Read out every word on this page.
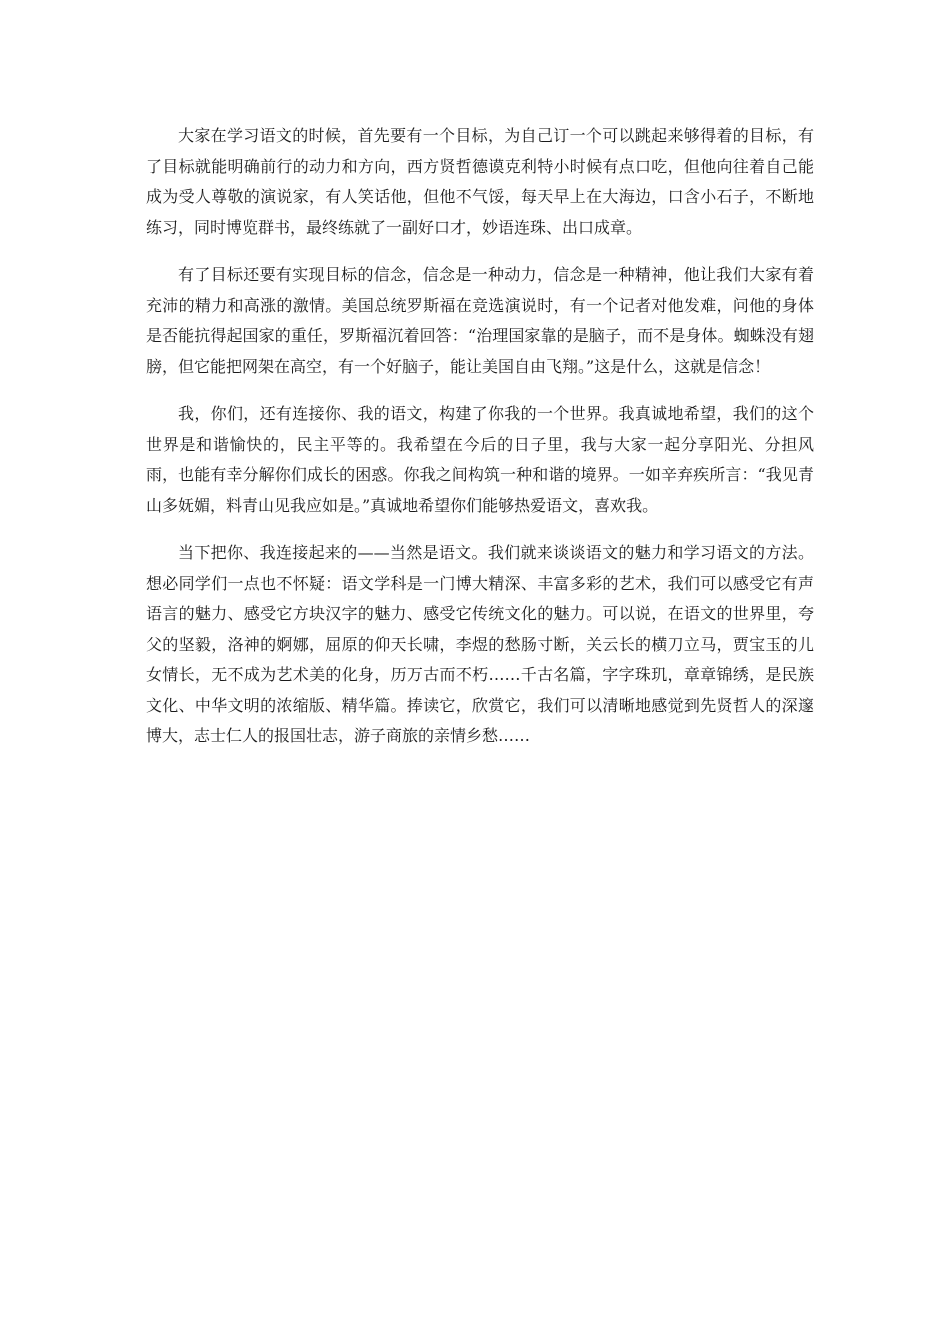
大家在学习语文的时候，首先要有一个目标，为自己订一个可以跳起来够得着的目标，有了目标就能明确前行的动力和方向，西方贤哲德谟克利特小时候有点口吃，但他向往着自己能成为受人尊敬的演说家，有人笑话他，但他不气馁，每天早上在大海边，口含小石子，不断地练习，同时博览群书，最终练就了一副好口才，妙语连珠、出口成章。

有了目标还要有实现目标的信念，信念是一种动力，信念是一种精神，他让我们大家有着充沛的精力和高涨的激情。美国总统罗斯福在竞选演说时，有一个记者对他发难，问他的身体是否能抗得起国家的重任，罗斯福沉着回答：“治理国家靠的是脑子，而不是身体。蜘蛛没有翅膀，但它能把网架在高空，有一个好脑子，能让美国自由飞翔。”这是什么，这就是信念！

我，你们，还有连接你、我的语文，构建了你我的一个世界。我真诚地希望，我们的这个世界是和谐愉快的，民主平等的。我希望在今后的日子里，我与大家一起分享阳光、分担风雨，也能有幸分解你们成长的困惑。你我之间构筑一种和谐的境界。一如辛弃疾所言：“我见青山多妩媚，料青山见我应如是。”真诚地希望你们能够热爱语文，喜欢我。

当下把你、我连接起来的——当然是语文。我们就来谈谈语文的魅力和学习语文的方法。想必同学们一点也不怀疑：语文学科是一门博大精深、丰富多彩的艺术，我们可以感受它有声语言的魅力、感受它方块汉字的魅力、感受它传统文化的魅力。可以说，在语文的世界里，夸父的坚毅，洛神的婀娜，屈原的仰天长啸，李煜的愁肠寸断，关云长的横刀立马，贾宝玉的儿女情长，无不成为艺术美的化身，历万古而不朽……千古名篇，字字珠玑，章章锦绣，是民族文化、中华文明的浓缩版、精华篇。捧读它，欣赏它，我们可以清晰地感觉到先贤哲人的深邃博大，志士仁人的报国壮志，游子商旅的亲情乡愁……
